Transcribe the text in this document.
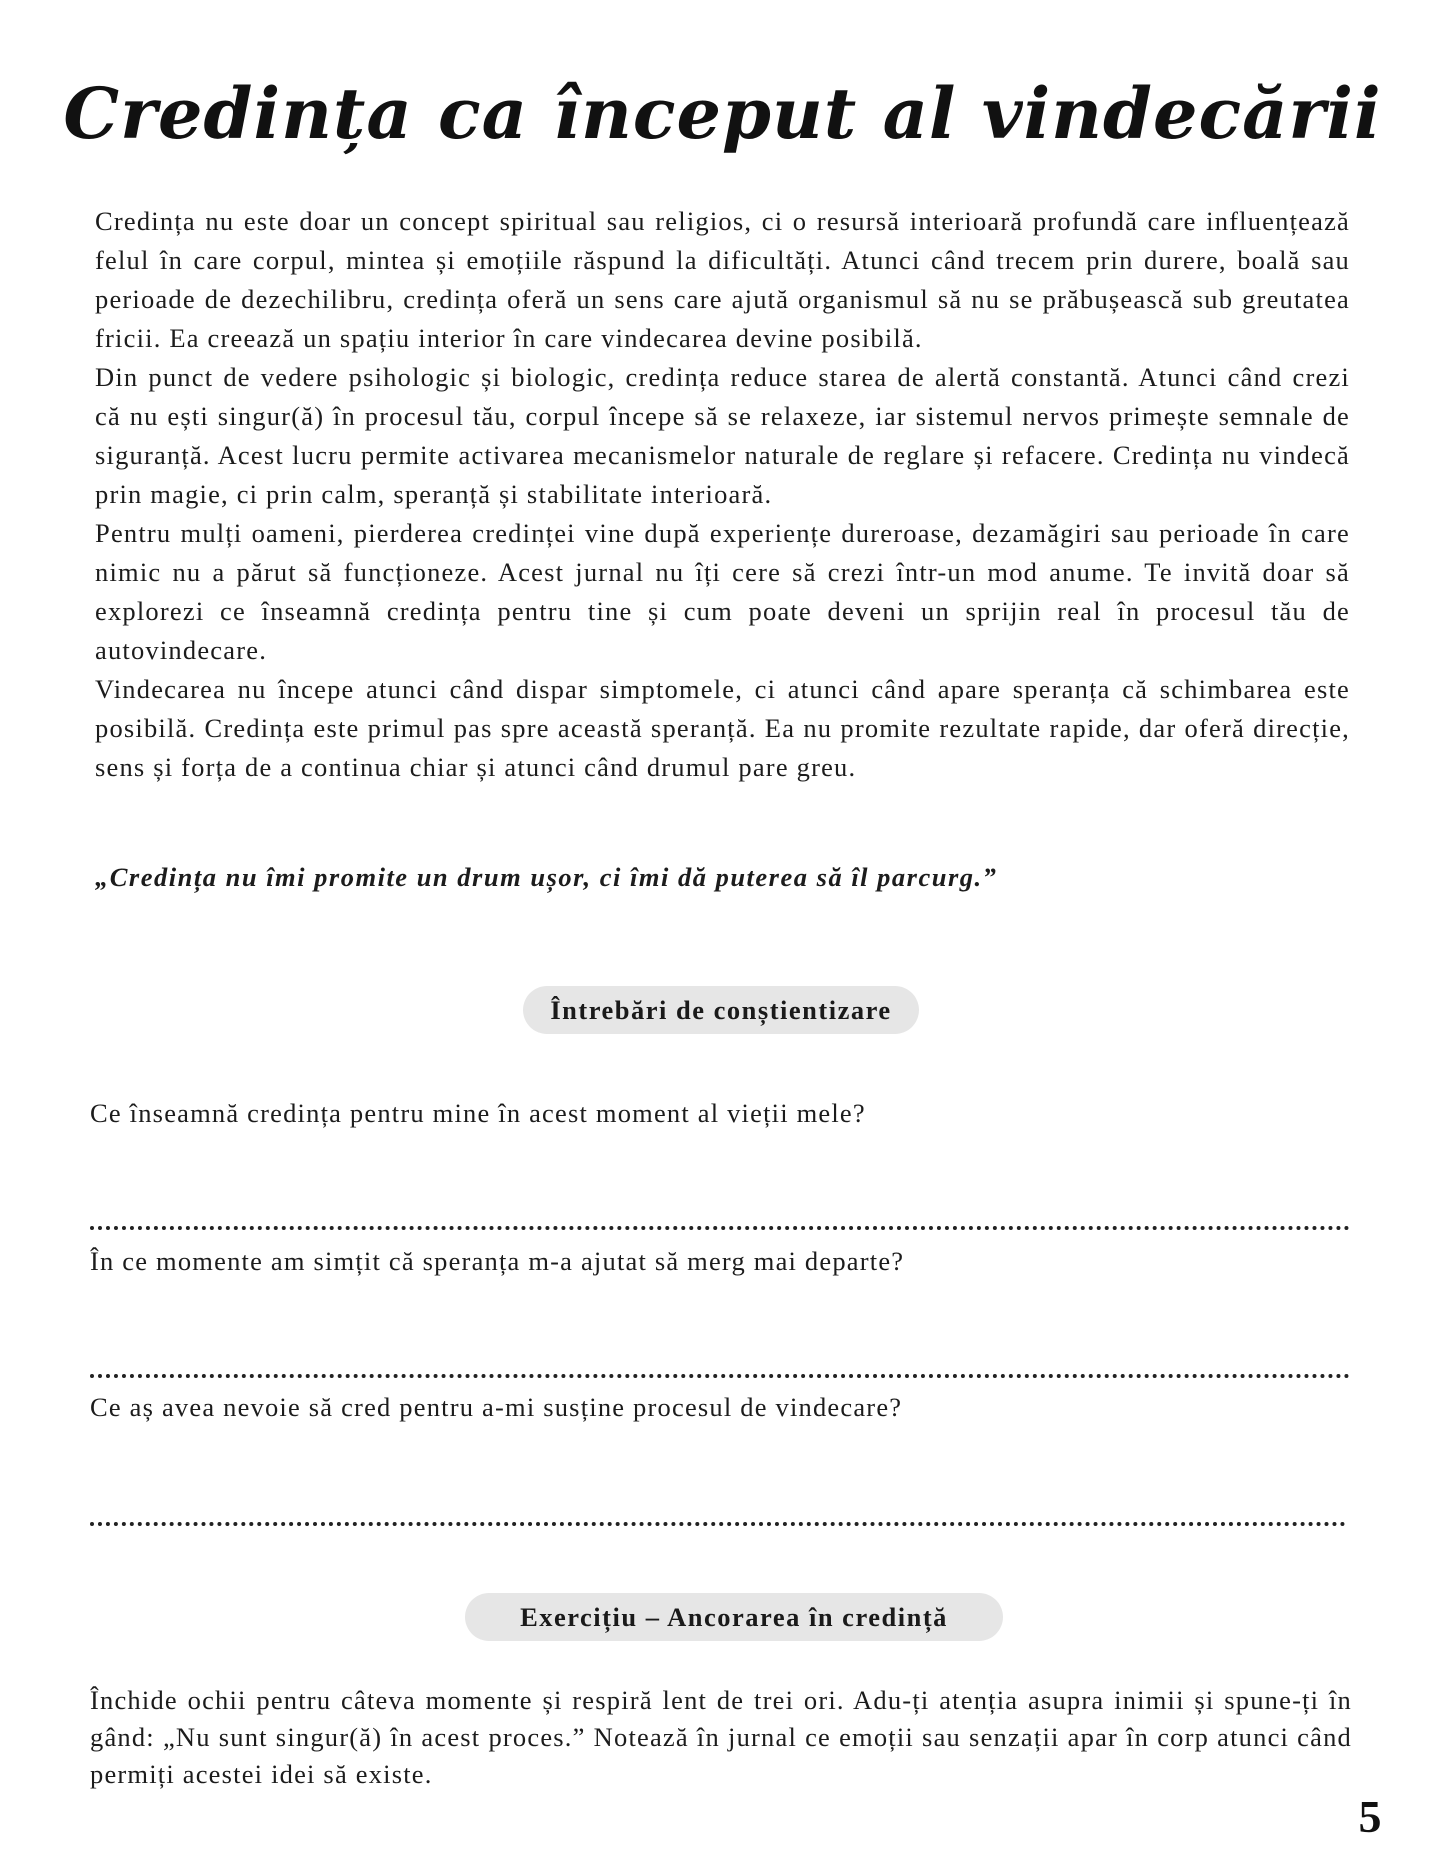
Credința ca început al vindecării

Credința nu este doar un concept spiritual sau religios, ci o resursă interioară profundă care influențează felul în care corpul, mintea și emoțiile răspund la dificultăți. Atunci când trecem prin durere, boală sau perioade de dezechilibru, credința oferă un sens care ajută organismul să nu se prăbușească sub greutatea fricii. Ea creează un spațiu interior în care vindecarea devine posibilă.

Din punct de vedere psihologic și biologic, credința reduce starea de alertă constantă. Atunci când crezi că nu ești singur(ă) în procesul tău, corpul începe să se relaxeze, iar sistemul nervos primește semnale de siguranță. Acest lucru permite activarea mecanismelor naturale de reglare și refacere. Credința nu vindecă prin magie, ci prin calm, speranță și stabilitate interioară.

Pentru mulți oameni, pierderea credinței vine după experiențe dureroase, dezamăgiri sau perioade în care nimic nu a părut să funcționeze. Acest jurnal nu îți cere să crezi într-un mod anume. Te invită doar să explorezi ce înseamnă credința pentru tine și cum poate deveni un sprijin real în procesul tău de autovindecare.

Vindecarea nu începe atunci când dispar simptomele, ci atunci când apare speranța că schimbarea este posibilă. Credința este primul pas spre această speranță. Ea nu promite rezultate rapide, dar oferă direcție, sens și forța de a continua chiar și atunci când drumul pare greu.

„Credința nu îmi promite un drum ușor, ci îmi dă puterea să îl parcurg.”

Întrebări de conștientizare

Ce înseamnă credința pentru mine în acest moment al vieții mele?

În ce momente am simțit că speranța m-a ajutat să merg mai departe?

Ce aș avea nevoie să cred pentru a-mi susține procesul de vindecare?

Exercițiu – Ancorarea în credință

Închide ochii pentru câteva momente și respiră lent de trei ori. Adu-ți atenția asupra inimii și spune-ți în gând: „Nu sunt singur(ă) în acest proces.” Notează în jurnal ce emoții sau senzații apar în corp atunci când permiți acestei idei să existe.

5
